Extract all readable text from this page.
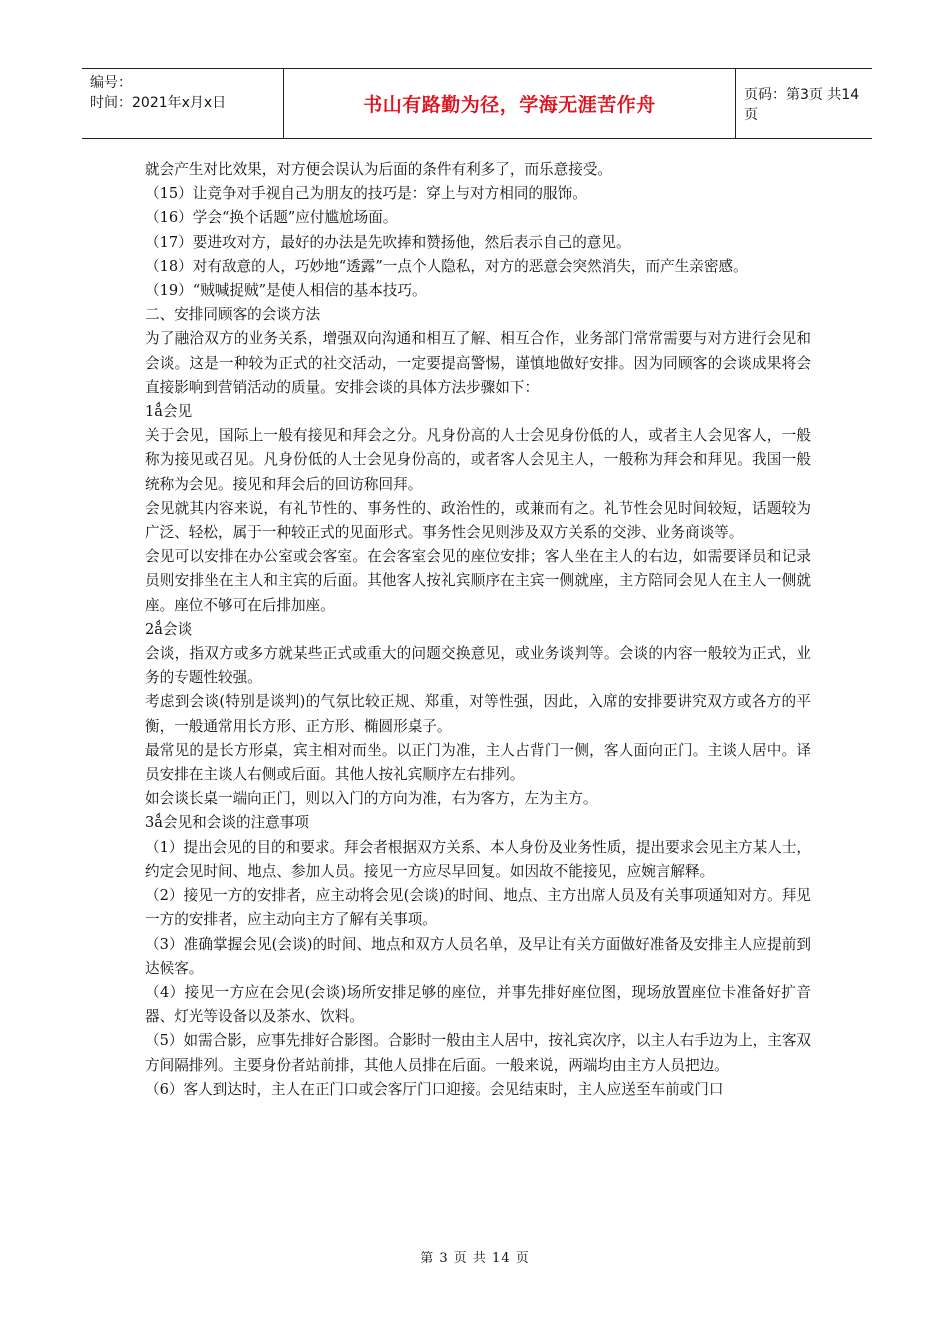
编号：
时间：2021年x月x日	书山有路勤为径，学海无涯苦作舟	页码：第3页 共14页

就会产生对比效果，对方便会误认为后面的条件有利多了，而乐意接受。

（15）让竞争对手视自己为朋友的技巧是：穿上与对方相同的服饰。

（16）学会“换个话题”应付尴尬场面。

（17）要进攻对方，最好的办法是先吹捧和赞扬他，然后表示自己的意见。

（18）对有敌意的人，巧妙地“透露”一点个人隐私，对方的恶意会突然消失，而产生亲密感。

（19）“贼喊捉贼”是使人相信的基本技巧。

二、安排同顾客的会谈方法

为了融洽双方的业务关系，增强双向沟通和相互了解、相互合作，业务部门常常需要与对方进行会见和会谈。这是一种较为正式的社交活动，一定要提高警惕，谨慎地做好安排。因为同顾客的会谈成果将会直接影响到营销活动的质量。安排会谈的具体方法步骤如下：

1ǻ会见

关于会见，国际上一般有接见和拜会之分。凡身份高的人士会见身份低的人，或者主人会见客人，一般称为接见或召见。凡身份低的人士会见身份高的，或者客人会见主人，一般称为拜会和拜见。我国一般统称为会见。接见和拜会后的回访称回拜。

会见就其内容来说，有礼节性的、事务性的、政治性的，或兼而有之。礼节性会见时间较短，话题较为广泛、轻松，属于一种较正式的见面形式。事务性会见则涉及双方关系的交涉、业务商谈等。

会见可以安排在办公室或会客室。在会客室会见的座位安排；客人坐在主人的右边，如需要译员和记录员则安排坐在主人和主宾的后面。其他客人按礼宾顺序在主宾一侧就座，主方陪同会见人在主人一侧就座。座位不够可在后排加座。

2ǻ会谈

会谈，指双方或多方就某些正式或重大的问题交换意见，或业务谈判等。会谈的内容一般较为正式，业务的专题性较强。

考虑到会谈(特别是谈判)的气氛比较正规、郑重，对等性强，因此，入席的安排要讲究双方或各方的平衡，一般通常用长方形、正方形、椭圆形桌子。

最常见的是长方形桌，宾主相对而坐。以正门为准，主人占背门一侧，客人面向正门。主谈人居中。译员安排在主谈人右侧或后面。其他人按礼宾顺序左右排列。

如会谈长桌一端向正门，则以入门的方向为准，右为客方，左为主方。

3ǻ会见和会谈的注意事项

（1）提出会见的目的和要求。拜会者根据双方关系、本人身份及业务性质，提出要求会见主方某人士，约定会见时间、地点、参加人员。接见一方应尽早回复。如因故不能接见，应婉言解释。

（2）接见一方的安排者，应主动将会见(会谈)的时间、地点、主方出席人员及有关事项通知对方。拜见一方的安排者，应主动向主方了解有关事项。

（3）准确掌握会见(会谈)的时间、地点和双方人员名单，及早让有关方面做好准备及安排主人应提前到达候客。

（4）接见一方应在会见(会谈)场所安排足够的座位，并事先排好座位图，现场放置座位卡准备好扩音器、灯光等设备以及茶水、饮料。

（5）如需合影，应事先排好合影图。合影时一般由主人居中，按礼宾次序，以主人右手边为上，主客双方间隔排列。主要身份者站前排，其他人员排在后面。一般来说，两端均由主方人员把边。

（6）客人到达时，主人在正门口或会客厅门口迎接。会见结束时，主人应送至车前或门口

第 3 页 共 14 页
